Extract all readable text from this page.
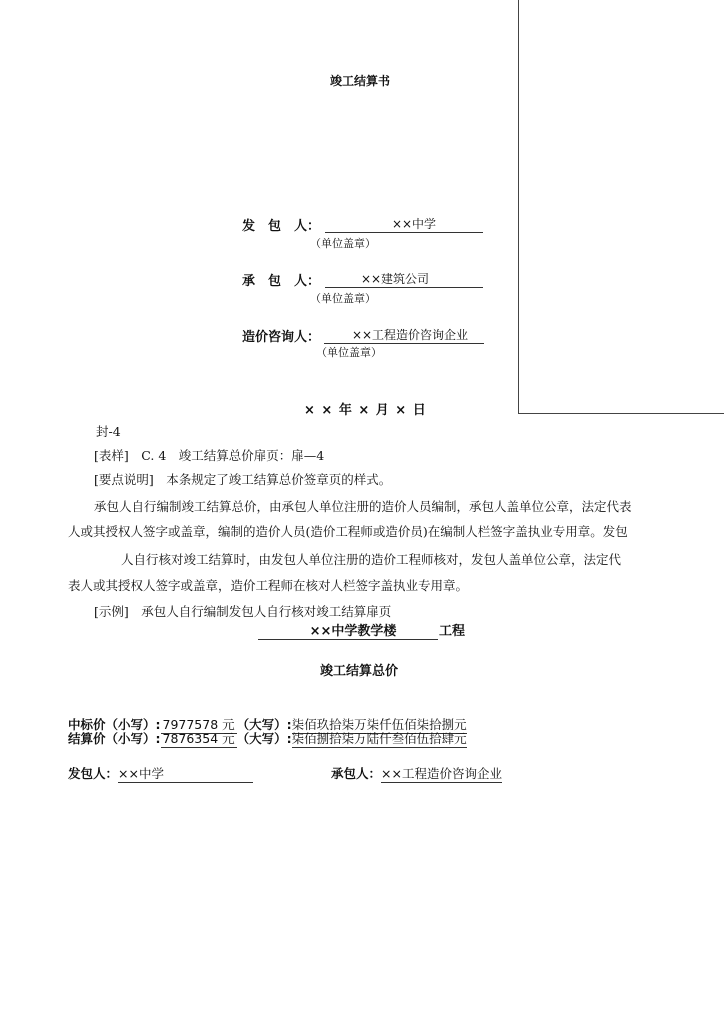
竣工结算书
发　包　人：	××中学
（单位盖章）
承　包　人：	××建筑公司
（单位盖章）
造价咨询人：	××工程造价咨询企业
（单位盖章）
× × 年 × 月 × 日
封-4
[表样]　C. 4　竣工结算总价扉页：扉—4
[要点说明]　本条规定了竣工结算总价签章页的样式。
承包人自行编制竣工结算总价，由承包人单位注册的造价人员编制，承包人盖单位公章，法定代表
人或其授权人签字或盖章，编制的造价人员(造价工程师或造价员)在编制人栏签字盖执业专用章。发包
人自行核对竣工结算时，由发包人单位注册的造价工程师核对，发包人盖单位公章，法定代
表人或其授权人签字或盖章，造价工程师在核对人栏签字盖执业专用章。
[示例]　承包人自行编制发包人自行核对竣工结算扉页
××中学教学楼	工程
竣工结算总价
中标价（小写）: 7977578 元 （大写）:柒佰玖拾柒万柒仟伍佰柒拾捌元
结算价（小写）: 7876354 元 （大写）:柒佰捌拾柒万陆仟叁佰伍拾肆元
发包人：××中学	承包人：××工程造价咨询企业
